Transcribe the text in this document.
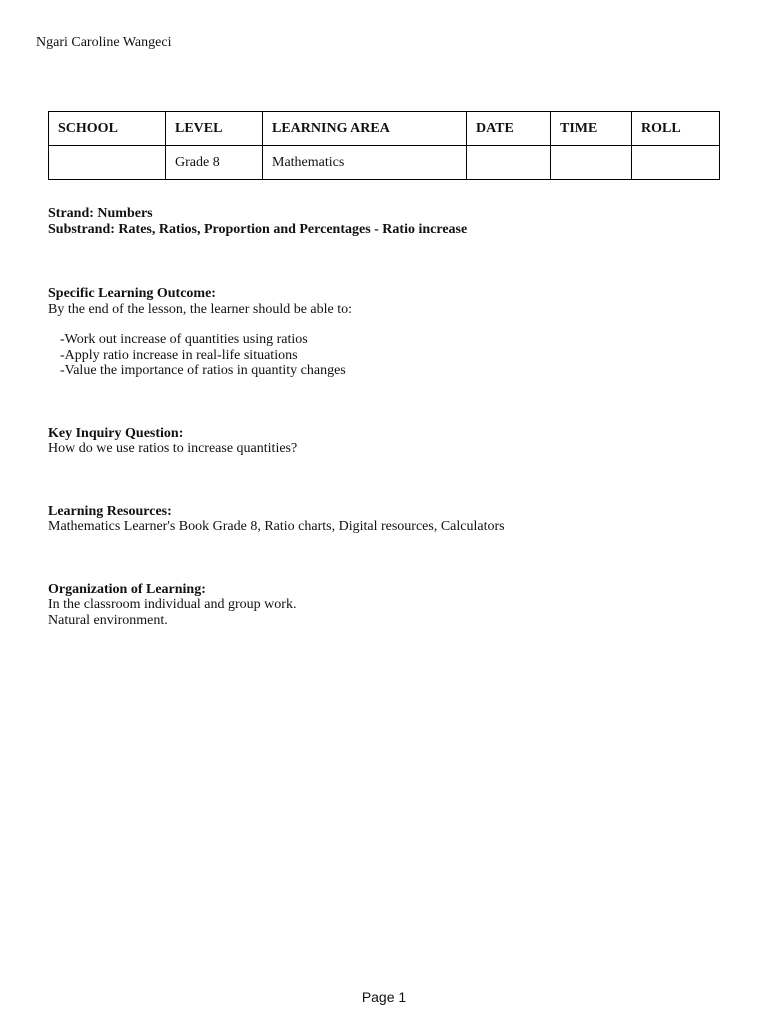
Ngari Caroline Wangeci
SCHOOL	LEVEL	LEARNING AREA	DATE	TIME	ROLL
	Grade 8	Mathematics			
Strand: Numbers
Substrand: Rates, Ratios, Proportion and Percentages - Ratio increase
Specific Learning Outcome:
By the end of the lesson, the learner should be able to:
-Work out increase of quantities using ratios
-Apply ratio increase in real-life situations
-Value the importance of ratios in quantity changes
Key Inquiry Question:
How do we use ratios to increase quantities?
Learning Resources:
Mathematics Learner's Book Grade 8, Ratio charts, Digital resources, Calculators
Organization of Learning:
In the classroom individual and group work.
Natural environment.
Page 1
